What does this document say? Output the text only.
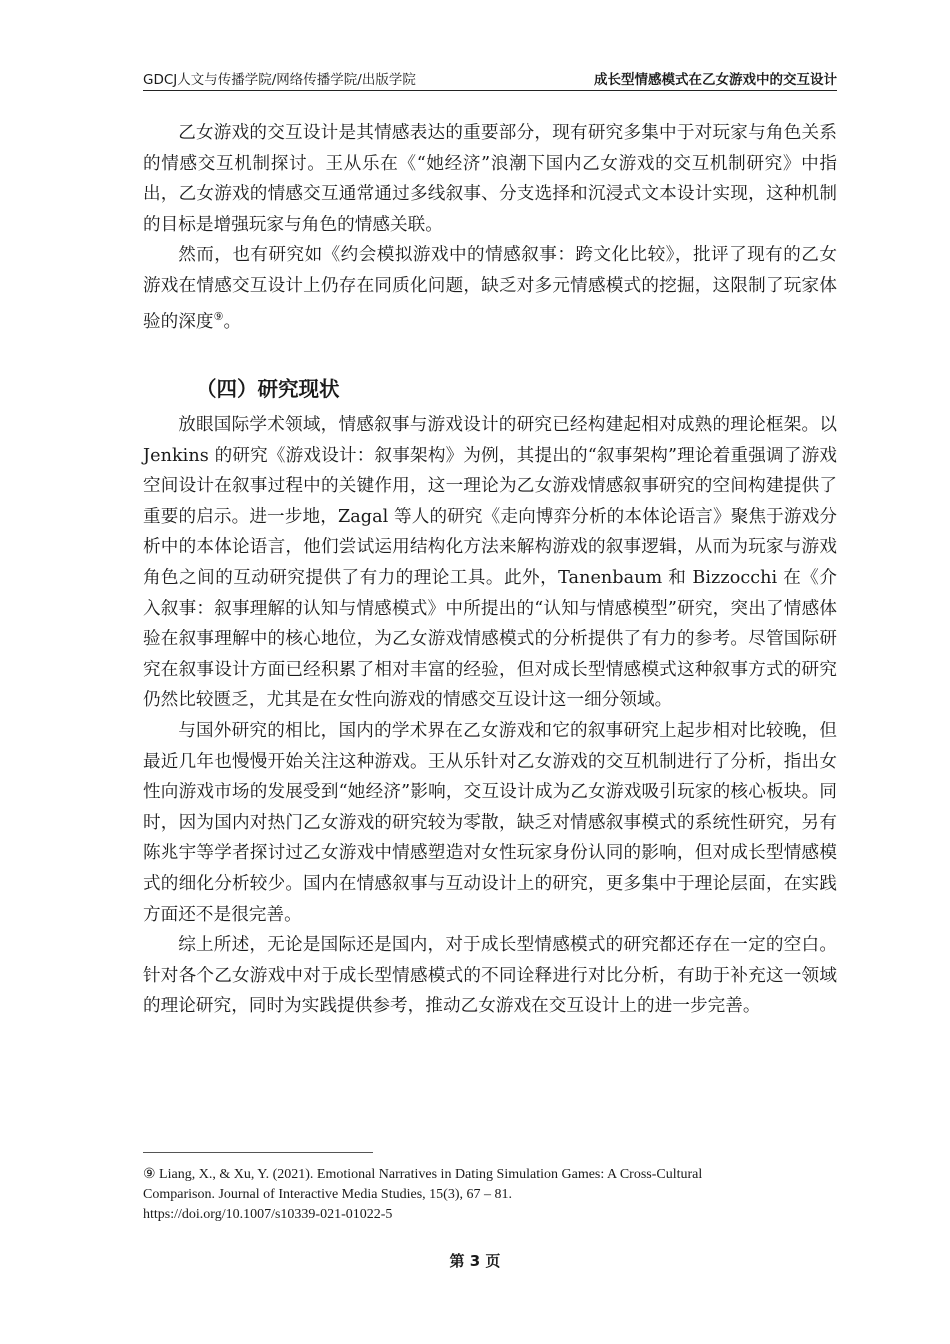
GDCJ人文与传播学院/网络传播学院/出版学院	成长型情感模式在乙女游戏中的交互设计

乙女游戏的交互设计是其情感表达的重要部分，现有研究多集中于对玩家与角色关系的情感交互机制探讨。王从乐在《“她经济”浪潮下国内乙女游戏的交互机制研究》中指出，乙女游戏的情感交互通常通过多线叙事、分支选择和沉浸式文本设计实现，这种机制的目标是增强玩家与角色的情感关联。

然而，也有研究如《约会模拟游戏中的情感叙事：跨文化比较》，批评了现有的乙女游戏在情感交互设计上仍存在同质化问题，缺乏对多元情感模式的挖掘，这限制了玩家体验的深度⑨。

（四）研究现状

放眼国际学术领域，情感叙事与游戏设计的研究已经构建起相对成熟的理论框架。以 Jenkins 的研究《游戏设计：叙事架构》为例，其提出的“叙事架构”理论着重强调了游戏空间设计在叙事过程中的关键作用，这一理论为乙女游戏情感叙事研究的空间构建提供了重要的启示。进一步地，Zagal 等人的研究《走向博弈分析的本体论语言》聚焦于游戏分析中的本体论语言，他们尝试运用结构化方法来解构游戏的叙事逻辑，从而为玩家与游戏角色之间的互动研究提供了有力的理论工具。此外，Tanenbaum 和 Bizzocchi 在《介入叙事：叙事理解的认知与情感模式》中所提出的“认知与情感模型”研究，突出了情感体验在叙事理解中的核心地位，为乙女游戏情感模式的分析提供了有力的参考。尽管国际研究在叙事设计方面已经积累了相对丰富的经验，但对成长型情感模式这种叙事方式的研究仍然比较匮乏，尤其是在女性向游戏的情感交互设计这一细分领域。

与国外研究的相比，国内的学术界在乙女游戏和它的叙事研究上起步相对比较晚，但最近几年也慢慢开始关注这种游戏。王从乐针对乙女游戏的交互机制进行了分析，指出女性向游戏市场的发展受到“她经济”影响，交互设计成为乙女游戏吸引玩家的核心板块。同时，因为国内对热门乙女游戏的研究较为零散，缺乏对情感叙事模式的系统性研究，另有陈兆宇等学者探讨过乙女游戏中情感塑造对女性玩家身份认同的影响，但对成长型情感模式的细化分析较少。国内在情感叙事与互动设计上的研究，更多集中于理论层面，在实践方面还不是很完善。

综上所述，无论是国际还是国内，对于成长型情感模式的研究都还存在一定的空白。针对各个乙女游戏中对于成长型情感模式的不同诠释进行对比分析，有助于补充这一领域的理论研究，同时为实践提供参考，推动乙女游戏在交互设计上的进一步完善。

⑨ Liang, X., & Xu, Y. (2021). Emotional Narratives in Dating Simulation Games: A Cross-Cultural
Comparison. Journal of Interactive Media Studies, 15(3), 67 – 81.
https://doi.org/10.1007/s10339-021-01022-5
第 3 页
